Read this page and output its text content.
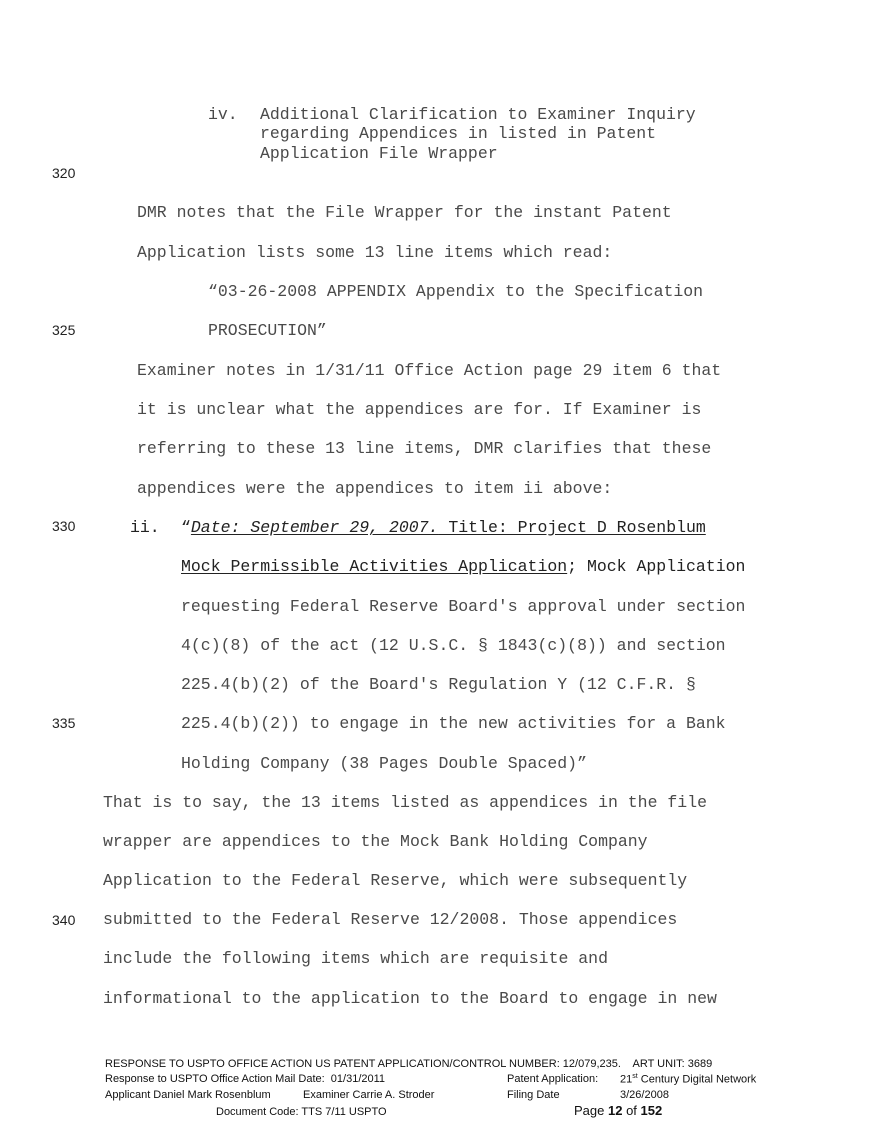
iv. Additional Clarification to Examiner Inquiry
regarding Appendices in listed in Patent
Application File Wrapper
320
325
330
335
340
DMR notes that the File Wrapper for the instant Patent
Application lists some 13 line items which read:
“03-26-2008 APPENDIX Appendix to the Specification
PROSECUTION”
Examiner notes in 1/31/11 Office Action page 29 item 6 that
it is unclear what the appendices are for. If Examiner is
referring to these 13 line items, DMR clarifies that these
appendices were the appendices to item ii above:
ii. “Date: September 29, 2007. Title: Project D Rosenblum
Mock Permissible Activities Application; Mock Application
requesting Federal Reserve Board's approval under section
4(c)(8) of the act (12 U.S.C. § 1843(c)(8)) and section
225.4(b)(2) of the Board's Regulation Y (12 C.F.R. §
225.4(b)(2)) to engage in the new activities for a Bank
Holding Company (38 Pages Double Spaced)”
That is to say, the 13 items listed as appendices in the file
wrapper are appendices to the Mock Bank Holding Company
Application to the Federal Reserve, which were subsequently
submitted to the Federal Reserve 12/2008. Those appendices
include the following items which are requisite and
informational to the application to the Board to engage in new
RESPONSE TO USPTO OFFICE ACTION US PATENT APPLICATION/CONTROL NUMBER: 12/079,235.    ART UNIT: 3689
Response to USPTO Office Action Mail Date:  01/31/2011	Patent Application: 21st Century Digital Network
Applicant Daniel Mark Rosenblum	Examiner Carrie A. Stroder	Filing Date	3/26/2008
Document Code: TTS 7/11 USPTO	Page 12 of 152
